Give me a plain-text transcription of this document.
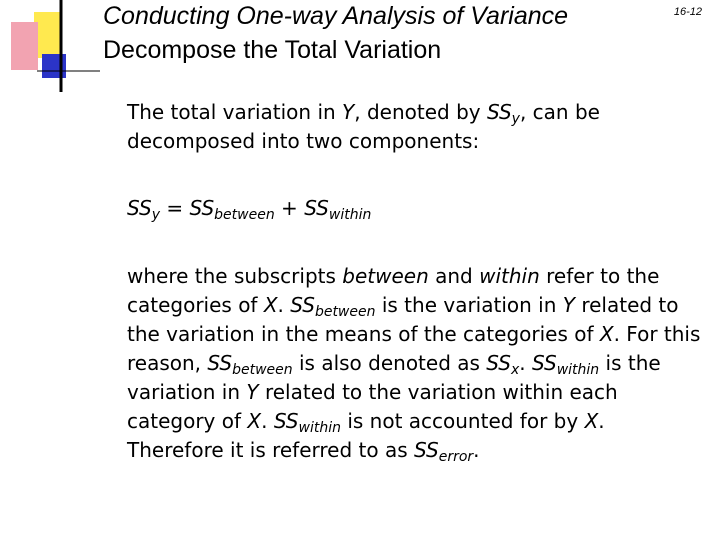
Conducting One-way Analysis of Variance
Decompose the Total Variation
16-12

The total variation in Y, denoted by $SS_y$, can be decomposed into two components:

$SS_y = SS_{between} + SS_{within}$

where the subscripts between and within refer to the categories of X. $SS_{between}$ is the variation in Y related to the variation in the means of the categories of X. For this reason, $SS_{between}$ is also denoted as $SS_x$. $SS_{within}$ is the variation in Y related to the variation within each category of X. $SS_{within}$ is not accounted for by X. Therefore it is referred to as $SS_{error}$.
